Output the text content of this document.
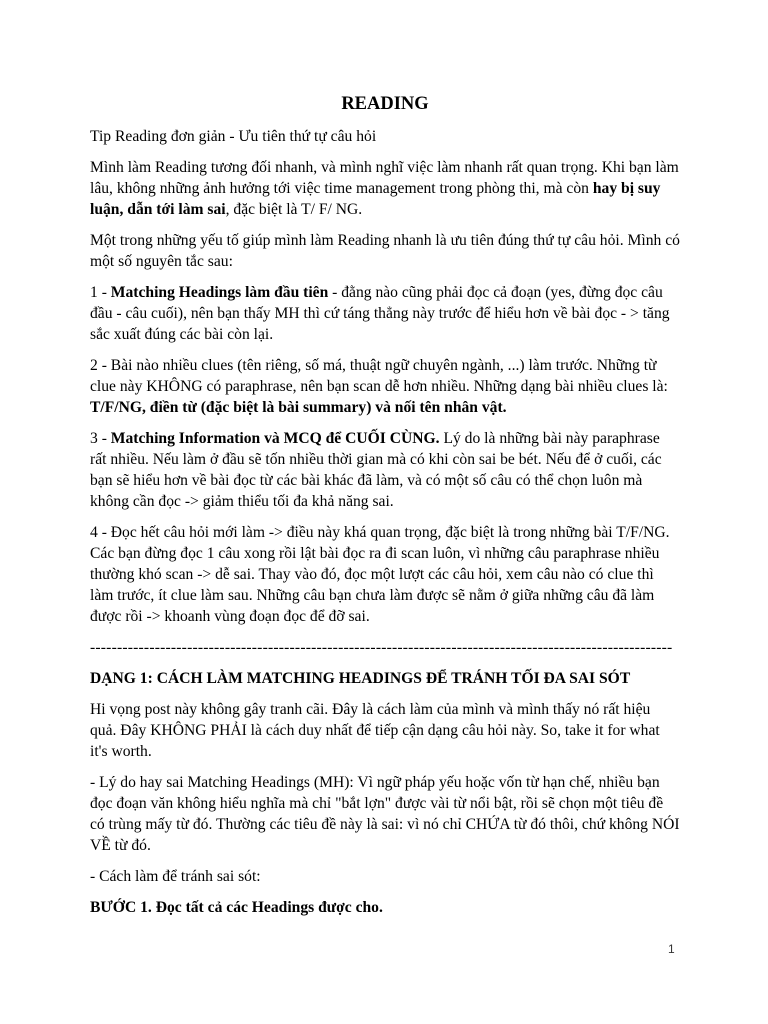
READING

Tip Reading đơn giản - Ưu tiên thứ tự câu hỏi

Mình làm Reading tương đối nhanh, và mình nghĩ việc làm nhanh rất quan trọng. Khi bạn làm lâu, không những ảnh hưởng tới việc time management trong phòng thi, mà còn hay bị suy luận, dẫn tới làm sai, đặc biệt là T/ F/ NG.

Một trong những yếu tố giúp mình làm Reading nhanh là ưu tiên đúng thứ tự câu hỏi. Mình có một số nguyên tắc sau:

1 - Matching Headings làm đầu tiên - đằng nào cũng phải đọc cả đoạn (yes, đừng đọc câu đầu - câu cuối), nên bạn thấy MH thì cứ táng thẳng này trước để hiểu hơn về bài đọc - > tăng sắc xuất đúng các bài còn lại.

2 - Bài nào nhiều clues (tên riêng, số má, thuật ngữ chuyên ngành, ...) làm trước. Những từ clue này KHÔNG có paraphrase, nên bạn scan dễ hơn nhiều. Những dạng bài nhiều clues là: T/F/NG, điền từ (đặc biệt là bài summary) và nối tên nhân vật.

3 - Matching Information và MCQ để CUỐI CÙNG. Lý do là những bài này paraphrase rất nhiều. Nếu làm ở đầu sẽ tốn nhiều thời gian mà có khi còn sai be bét. Nếu để ở cuối, các bạn sẽ hiểu hơn về bài đọc từ các bài khác đã làm, và có một số câu có thể chọn luôn mà không cần đọc -> giảm thiểu tối đa khả năng sai.

4 - Đọc hết câu hỏi mới làm -> điều này khá quan trọng, đặc biệt là trong những bài T/F/NG. Các bạn đừng đọc 1 câu xong rồi lật bài đọc ra đi scan luôn, vì những câu paraphrase nhiều thường khó scan -> dễ sai. Thay vào đó, đọc một lượt các câu hỏi, xem câu nào có clue thì làm trước, ít clue làm sau. Những câu bạn chưa làm được sẽ nằm ở giữa những câu đã làm được rồi -> khoanh vùng đoạn đọc để đỡ sai.

------------------------------------------------------------------------------------------------------------
DẠNG 1: CÁCH LÀM MATCHING HEADINGS ĐỂ TRÁNH TỐI ĐA SAI SÓT

Hi vọng post này không gây tranh cãi. Đây là cách làm của mình và mình thấy nó rất hiệu quả. Đây KHÔNG PHẢI là cách duy nhất để tiếp cận dạng câu hỏi này. So, take it for what it's worth.

- Lý do hay sai Matching Headings (MH): Vì ngữ pháp yếu hoặc vốn từ hạn chế, nhiều bạn đọc đoạn văn không hiểu nghĩa mà chỉ "bắt lợn" được vài từ nổi bật, rồi sẽ chọn một tiêu đề có trùng mấy từ đó. Thường các tiêu đề này là sai: vì nó chỉ CHỨA từ đó thôi, chứ không NÓI VỀ từ đó.

- Cách làm để tránh sai sót:

BƯỚC 1. Đọc tất cả các Headings được cho.

1
